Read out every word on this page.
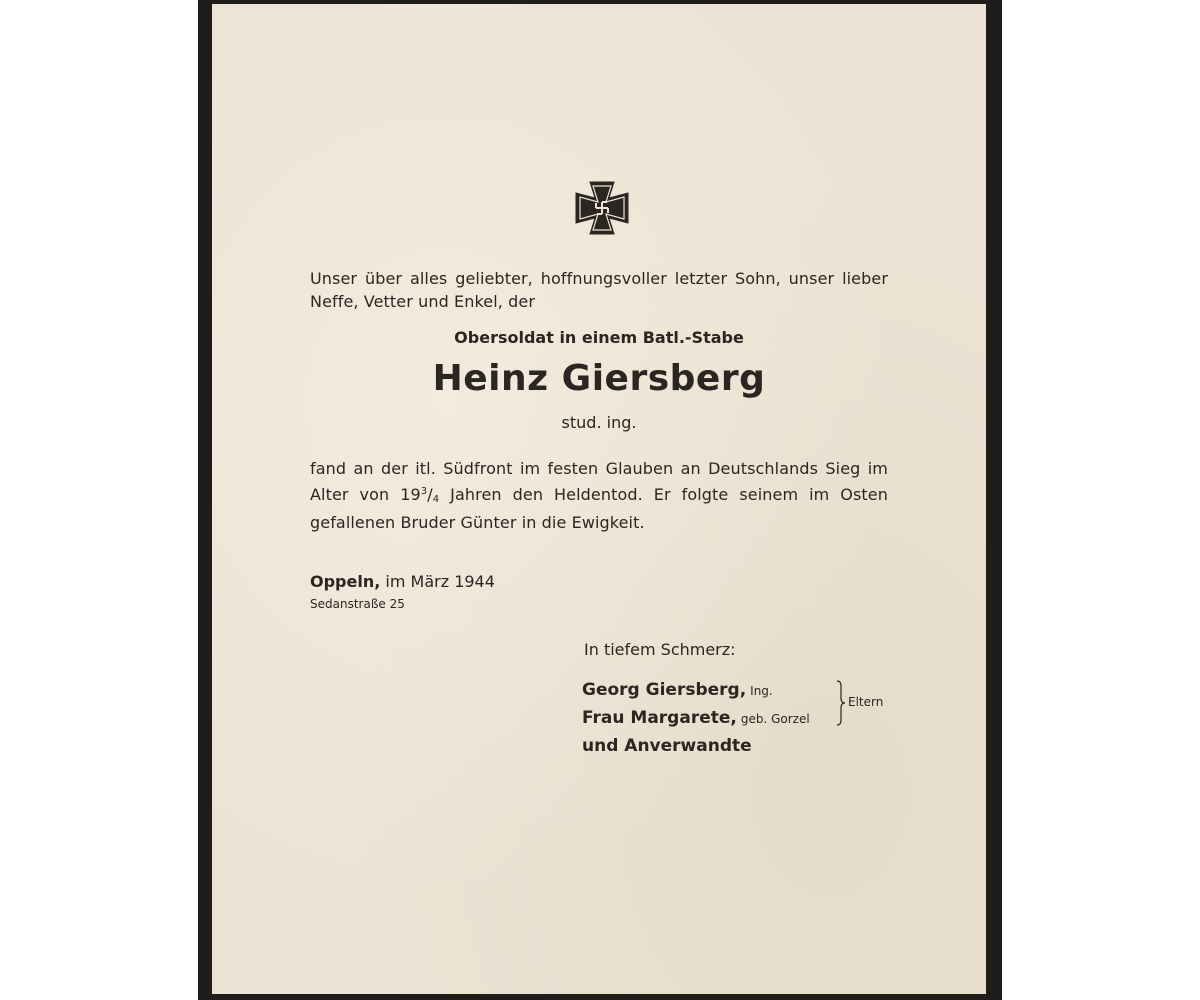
Unser über alles geliebter, hoffnungsvoller letzter Sohn, unser lieber
Neffe, Vetter und Enkel, der
Obersoldat in einem Batl.-Stabe
Heinz Giersberg
stud. ing.
fand an der itl. Südfront im festen Glauben an Deutschlands Sieg im
Alter von $19^3/_4$ Jahren den Heldentod. Er folgte seinem im Osten
gefallenen Bruder Günter in die Ewigkeit.
Oppeln, im März 1944
Sedanstraße 25
In tiefem Schmerz:
Georg Giersberg, Ing.
Frau Margarete, geb. Gorzel
und Anverwandte
Eltern
